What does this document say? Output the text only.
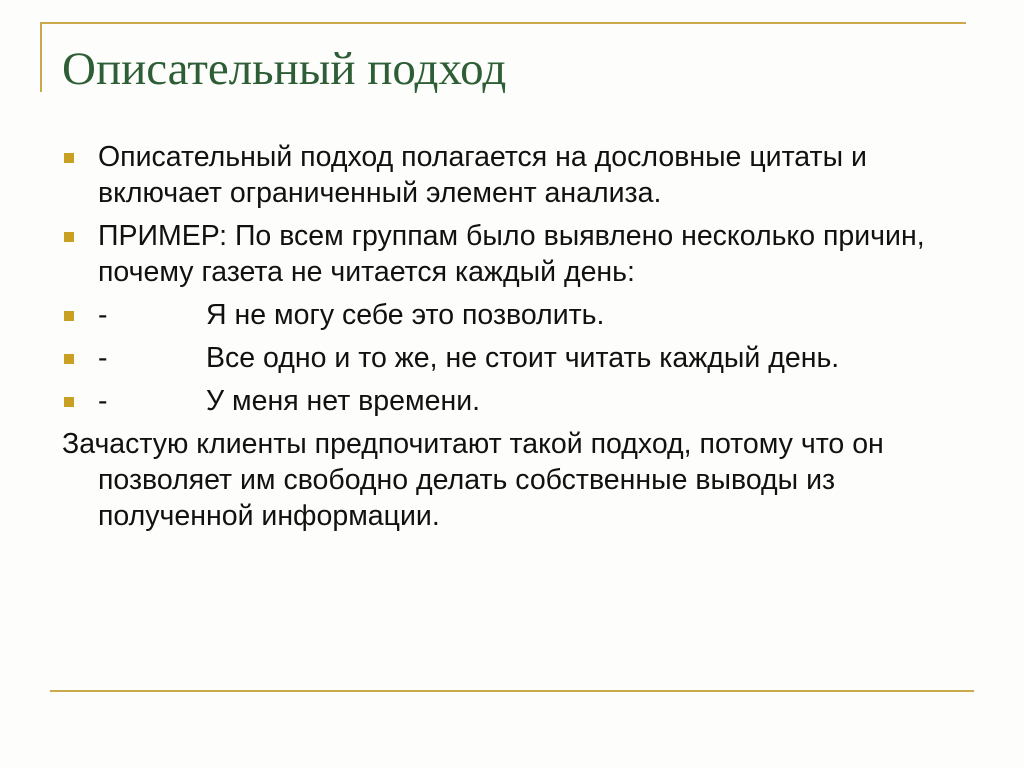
Описательный подход
Описательный подход полагается на дословные цитаты и включает ограниченный элемент анализа.
ПРИМЕР: По всем группам было выявлено несколько причин, почему газета не читается каждый день:
-	Я не могу себе это позволить.
-	Все одно и то же, не стоит читать каждый день.
-	У меня нет времени.

Зачастую клиенты предпочитают такой подход, потому что он позволяет им свободно делать собственные выводы из полученной информации.
